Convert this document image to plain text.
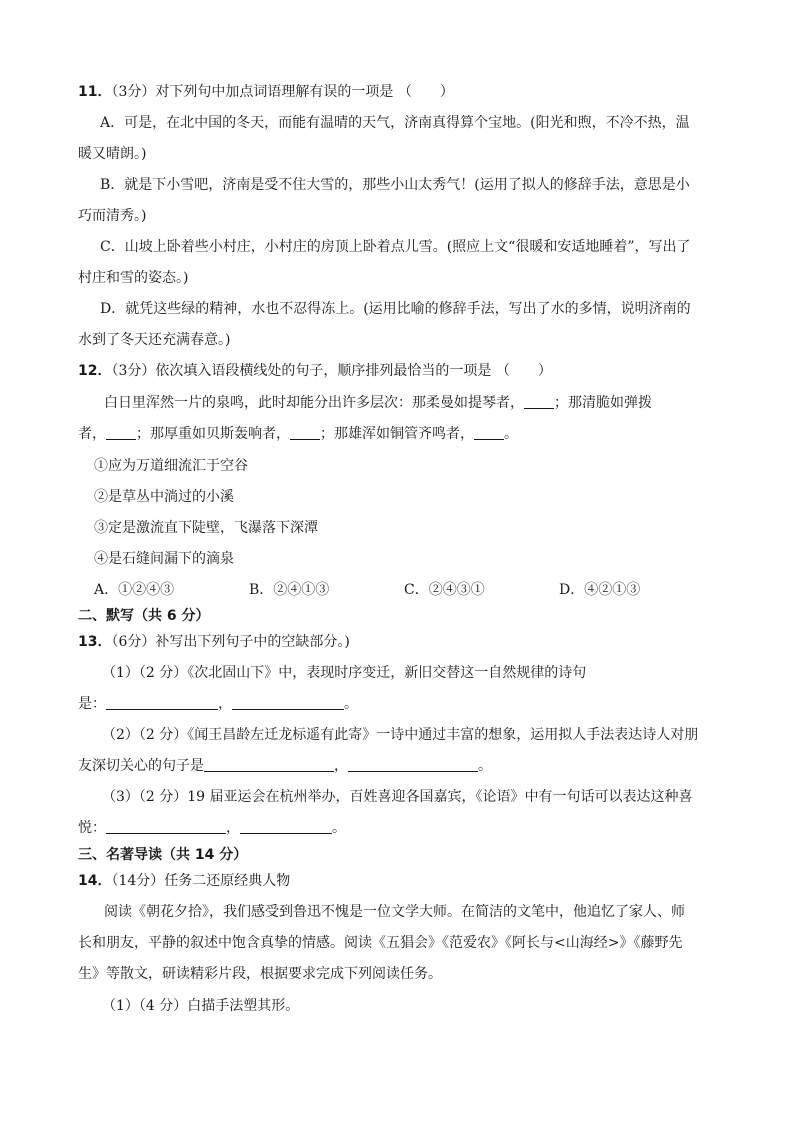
11．（3分）对下列句中加点词语理解有误的一项是 （　　）
A．可是，在北中国的冬天，而能有温晴的天气，济南真得算个宝地。(阳光和煦，不冷不热，温
暖又晴朗。)
B．就是下小雪吧，济南是受不住大雪的，那些小山太秀气！(运用了拟人的修辞手法，意思是小
巧而清秀。)
C．山坡上卧着些小村庄，小村庄的房顶上卧着点儿雪。(照应上文“很暖和安适地睡着”，写出了
村庄和雪的姿态。)
D．就凭这些绿的精神，水也不忍得冻上。(运用比喻的修辞手法，写出了水的多情，说明济南的
水到了冬天还充满春意。)
12．（3分）依次填入语段横线处的句子，顺序排列最恰当的一项是 （　　）
白日里浑然一片的泉鸣，此时却能分出许多层次：那柔曼如提琴者， ；那清脆如弹拨
者， ；那厚重如贝斯轰响者， ；那雄浑如铜管齐鸣者， 。
①应为万道细流汇于空谷
②是草丛中淌过的小溪
③定是激流直下陡壁，飞瀑落下深潭
④是石缝间漏下的滴泉
A．①②④③	B．②④①③	C．②④③①	D．④②①③
二、默写（共 6 分）
13．（6分）补写出下列句子中的空缺部分。)
（1）（2 分）《次北固山下》中，表现时序变迁，新旧交替这一自然规律的诗句
是：	，	。
（2）（2 分）《闻王昌龄左迁龙标遥有此寄》一诗中通过丰富的想象，运用拟人手法表达诗人对朋
友深切关心的句子是	，	。
（3）（2 分）19 届亚运会在杭州举办，百姓喜迎各国嘉宾，《论语》中有一句话可以表达这种喜
悦：	，	。
三、名著导读（共 14 分）
14．（14分）任务二还原经典人物
阅读《朝花夕拾》，我们感受到鲁迅不愧是一位文学大师。在简洁的文笔中，他追忆了家人、师
长和朋友，平静的叙述中饱含真挚的情感。阅读《五猖会》《范爱农》《阿长与<山海经>》《藤野先
生》等散文，研读精彩片段，根据要求完成下列阅读任务。
（1）（4 分）白描手法塑其形。
